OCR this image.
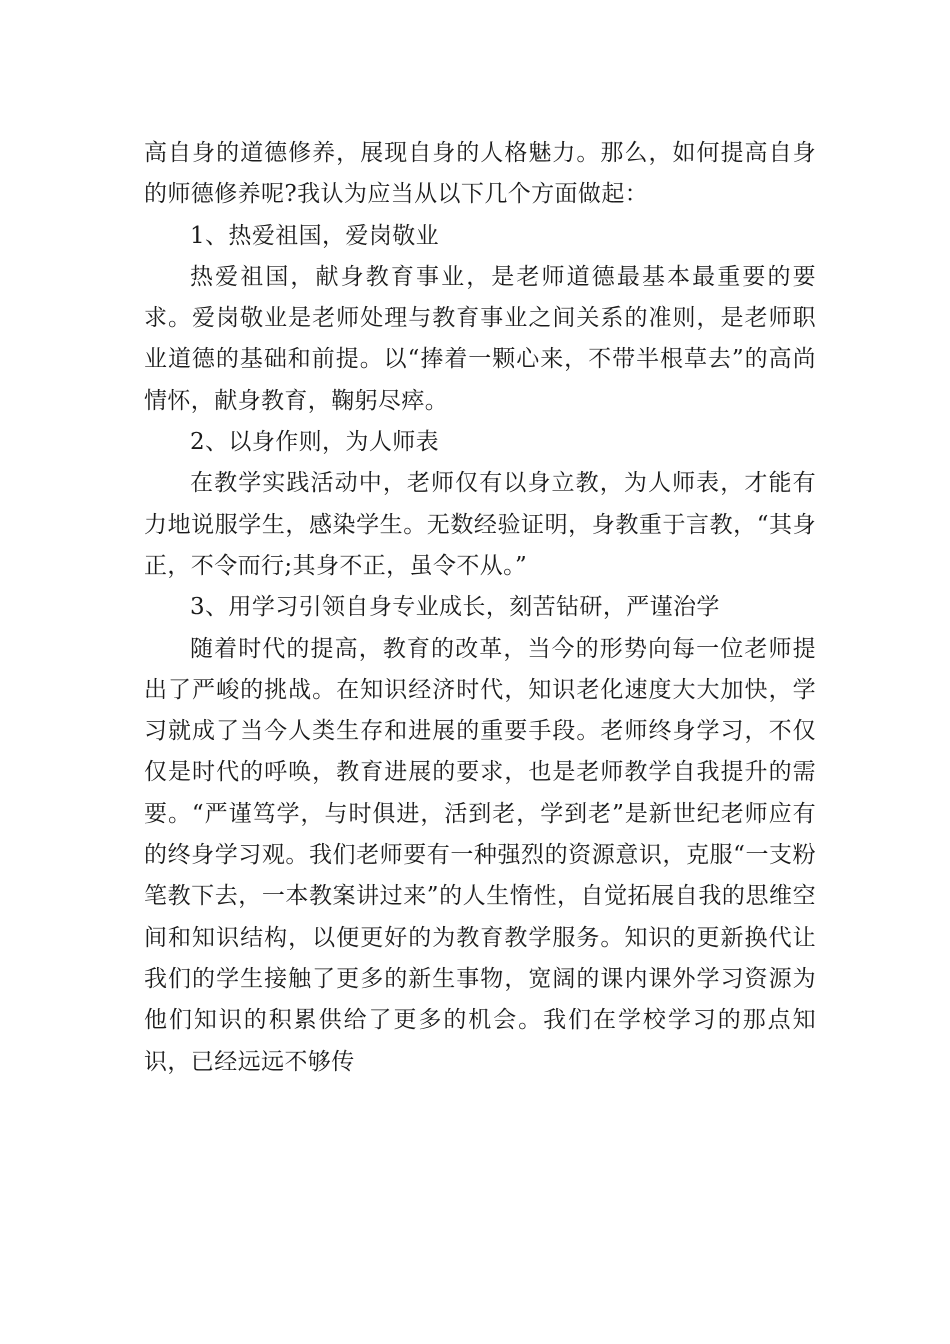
高自身的道德修养，展现自身的人格魅力。那么，如何提高自身的师德修养呢?我认为应当从以下几个方面做起：

1、热爱祖国，爱岗敬业

热爱祖国，献身教育事业，是老师道德最基本最重要的要求。爱岗敬业是老师处理与教育事业之间关系的准则，是老师职业道德的基础和前提。以“捧着一颗心来，不带半根草去”的高尚情怀，献身教育，鞠躬尽瘁。

2、以身作则，为人师表

在教学实践活动中，老师仅有以身立教，为人师表，才能有力地说服学生，感染学生。无数经验证明，身教重于言教，“其身正，不令而行;其身不正，虽令不从。”

3、用学习引领自身专业成长，刻苦钻研，严谨治学

随着时代的提高，教育的改革，当今的形势向每一位老师提出了严峻的挑战。在知识经济时代，知识老化速度大大加快，学习就成了当今人类生存和进展的重要手段。老师终身学习，不仅仅是时代的呼唤，教育进展的要求，也是老师教学自我提升的需要。“严谨笃学，与时俱进，活到老，学到老”是新世纪老师应有的终身学习观。我们老师要有一种强烈的资源意识，克服“一支粉笔教下去，一本教案讲过来”的人生惰性，自觉拓展自我的思维空间和知识结构，以便更好的为教育教学服务。知识的更新换代让我们的学生接触了更多的新生事物，宽阔的课内课外学习资源为他们知识的积累供给了更多的机会。我们在学校学习的那点知识，已经远远不够传
